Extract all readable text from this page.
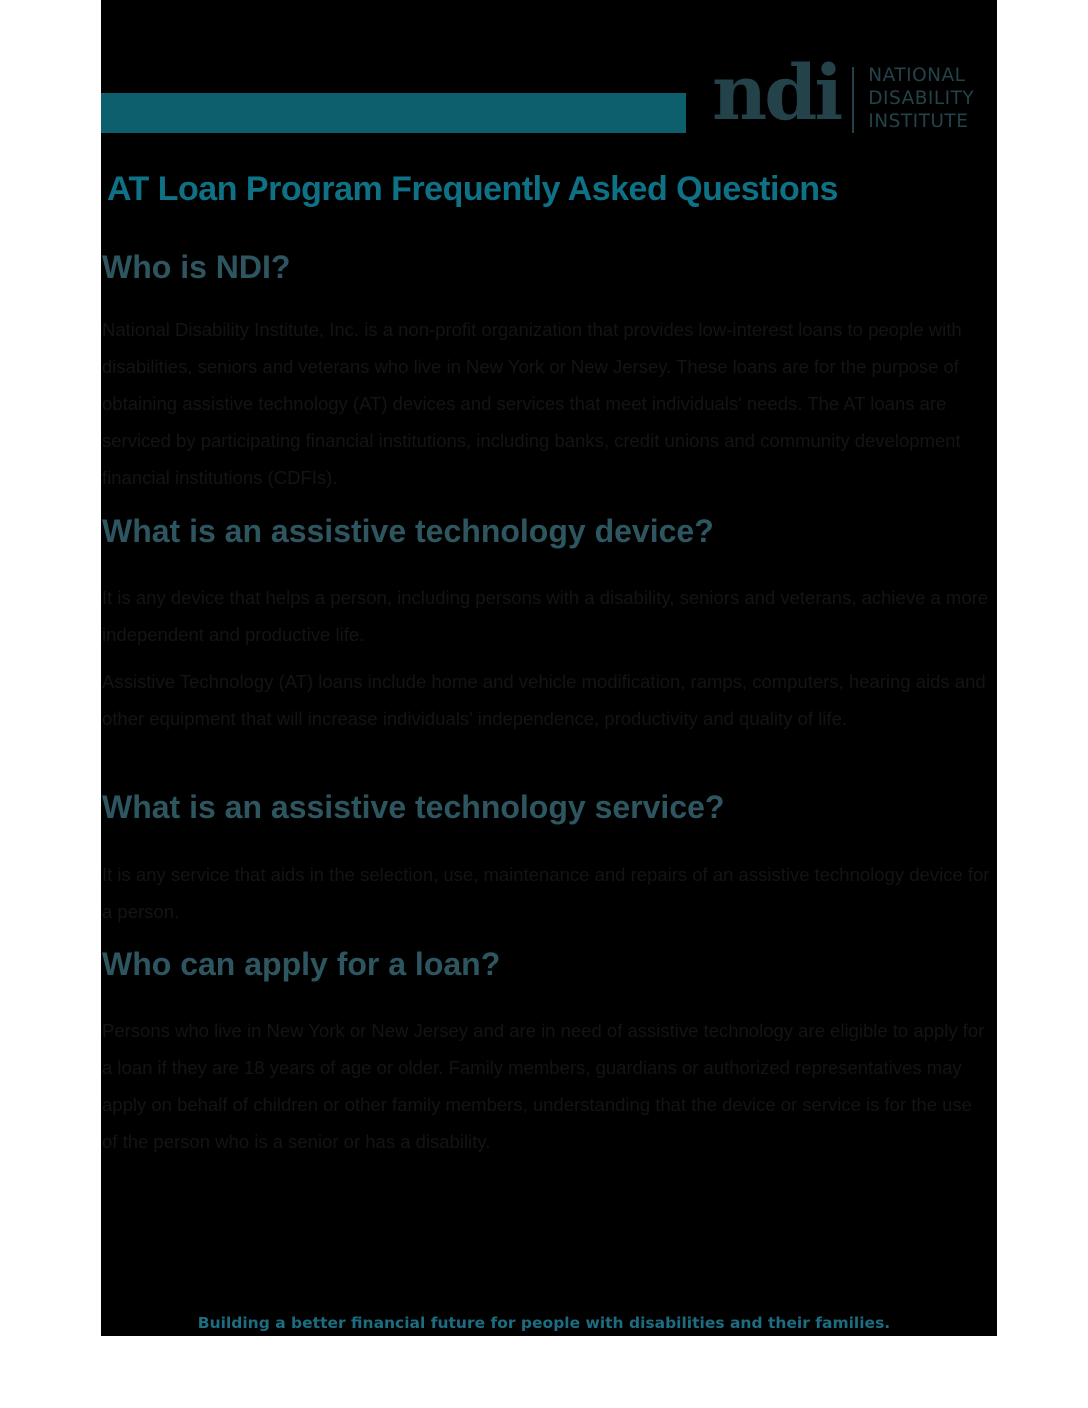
ndi NATIONAL
DISABILITY
INSTITUTE
AT Loan Program Frequently Asked Questions
Who is NDI?

National Disability Institute, Inc. is a non-profit organization that provides low-interest loans to people with disabilities, seniors and veterans who live in New York or New Jersey. These loans are for the purpose of obtaining assistive technology (AT) devices and services that meet individuals' needs. The AT loans are serviced by participating financial institutions, including banks, credit unions and community development financial institutions (CDFIs).

What is an assistive technology device?

It is any device that helps a person, including persons with a disability, seniors and veterans, achieve a more independent and productive life.

Assistive Technology (AT) loans include home and vehicle modification, ramps, computers, hearing aids and other equipment that will increase individuals' independence, productivity and quality of life.

What is an assistive technology service?

It is any service that aids in the selection, use, maintenance and repairs of an assistive technology device for a person.

Who can apply for a loan?

Persons who live in New York or New Jersey and are in need of assistive technology are eligible to apply for a loan if they are 18 years of age or older. Family members, guardians or authorized representatives may apply on behalf of children or other family members, understanding that the device or service is for the use of the person who is a senior or has a disability.

Building a better financial future for people with disabilities and their families.
